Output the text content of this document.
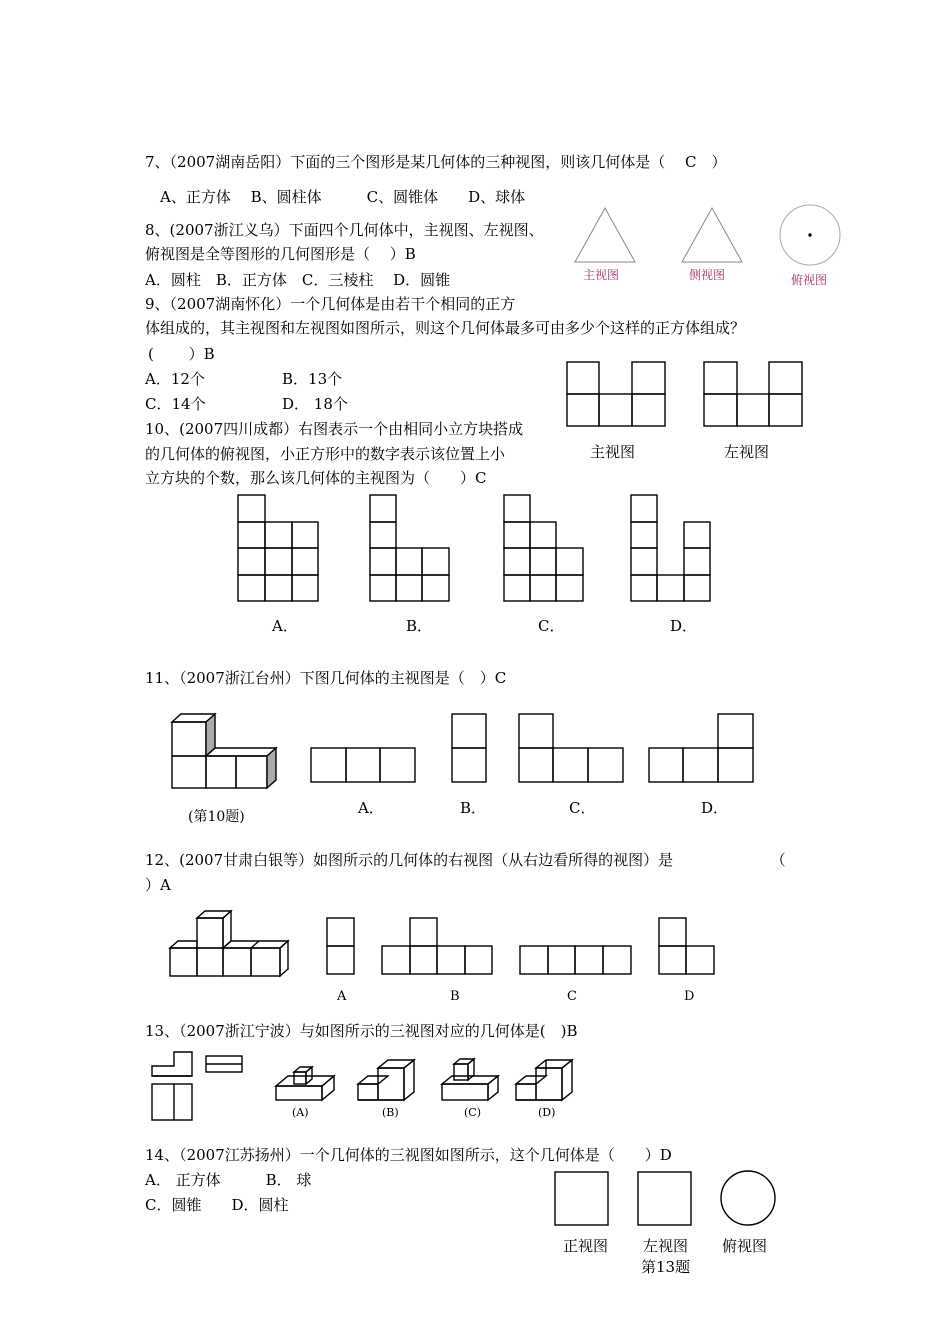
7、（2007湖南岳阳）下面的三个图形是某几何体的三种视图，则该几何体是（　 C　）
A、正方体　 B、圆柱体　　　C、圆锥体　　D、球体
主视图	侧视图	俯视图
8、(2007浙江义乌）下面四个几何体中，主视图、左视图、
俯视图是全等图形的几何图形是（　 ）B
A．圆柱　B．正方体　C．三棱柱　 D．圆锥
9、（2007湖南怀化）一个几何体是由若干个相同的正方
体组成的，其主视图和左视图如图所示，则这个几何体最多可由多少个这样的正方体组成？
(　　 ）B
A．12个	B．13个
C．14个	D． 18个
主视图	左视图
10、(2007四川成都）右图表示一个由相同小立方块搭成
的几何体的俯视图，小正方形中的数字表示该位置上小
立方块的个数，那么该几何体的主视图为（　　）C
A．	B．	C．	D．
11、（2007浙江台州）下图几何体的主视图是（　）C
(第10题)	A．	B．	C．	D．
12、(2007甘肃白银等）如图所示的几何体的右视图（从右边看所得的视图）是　　　　　　　（
）A
A	B	C	D
13、（2007浙江宁波）与如图所示的三视图对应的几何体是(　)B
(A)	(B)	(C)	(D)
14、（2007江苏扬州）一个几何体的三视图如图所示，这个几何体是（　　）D
A． 正方体　　　B． 球
C．圆锥　　D．圆柱
正视图 左视图 俯视图
第13题
